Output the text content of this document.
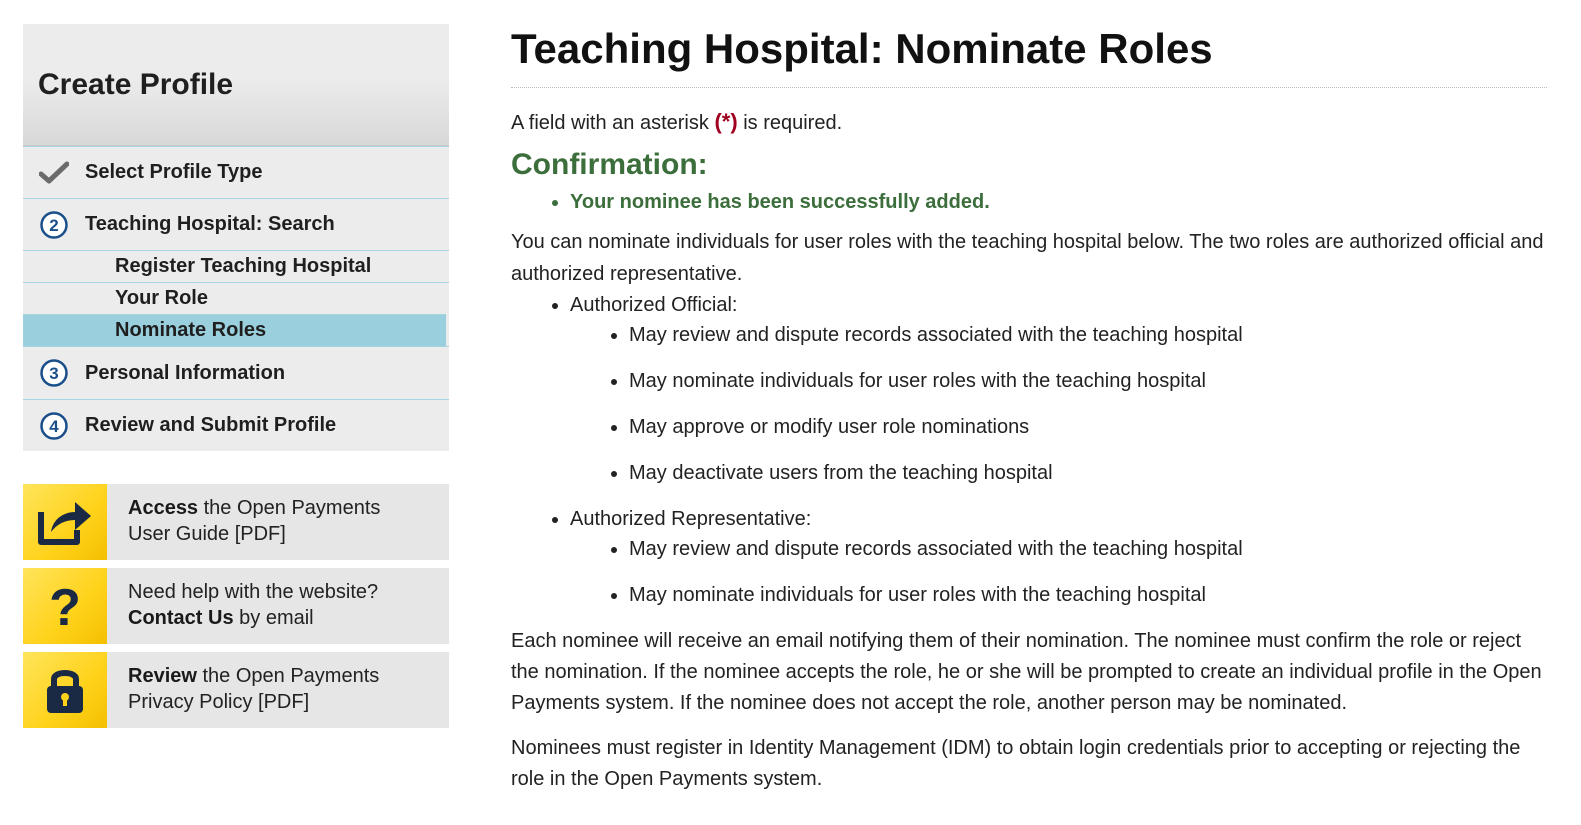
Create Profile
Select Profile Type
2 Teaching Hospital: Search
Register Teaching Hospital
Your Role
Nominate Roles
3 Personal Information
4 Review and Submit Profile
Access the Open Payments
User Guide [PDF]
?	Need help with the website?
Contact Us by email
Review the Open Payments
Privacy Policy [PDF]
Teaching Hospital: Nominate Roles

A field with an asterisk (*) is required.

Confirmation:
• Your nominee has been successfully added.

You can nominate individuals for user roles with the teaching hospital below. The two roles are authorized official and authorized representative.

• Authorized Official:
• May review and dispute records associated with the teaching hospital
• May nominate individuals for user roles with the teaching hospital
• May approve or modify user role nominations
• May deactivate users from the teaching hospital
• Authorized Representative:
• May review and dispute records associated with the teaching hospital
• May nominate individuals for user roles with the teaching hospital

Each nominee will receive an email notifying them of their nomination. The nominee must confirm the role or reject the nomination. If the nominee accepts the role, he or she will be prompted to create an individual profile in the Open Payments system. If the nominee does not accept the role, another person may be nominated.

Nominees must register in Identity Management (IDM) to obtain login credentials prior to accepting or rejecting the role in the Open Payments system.
